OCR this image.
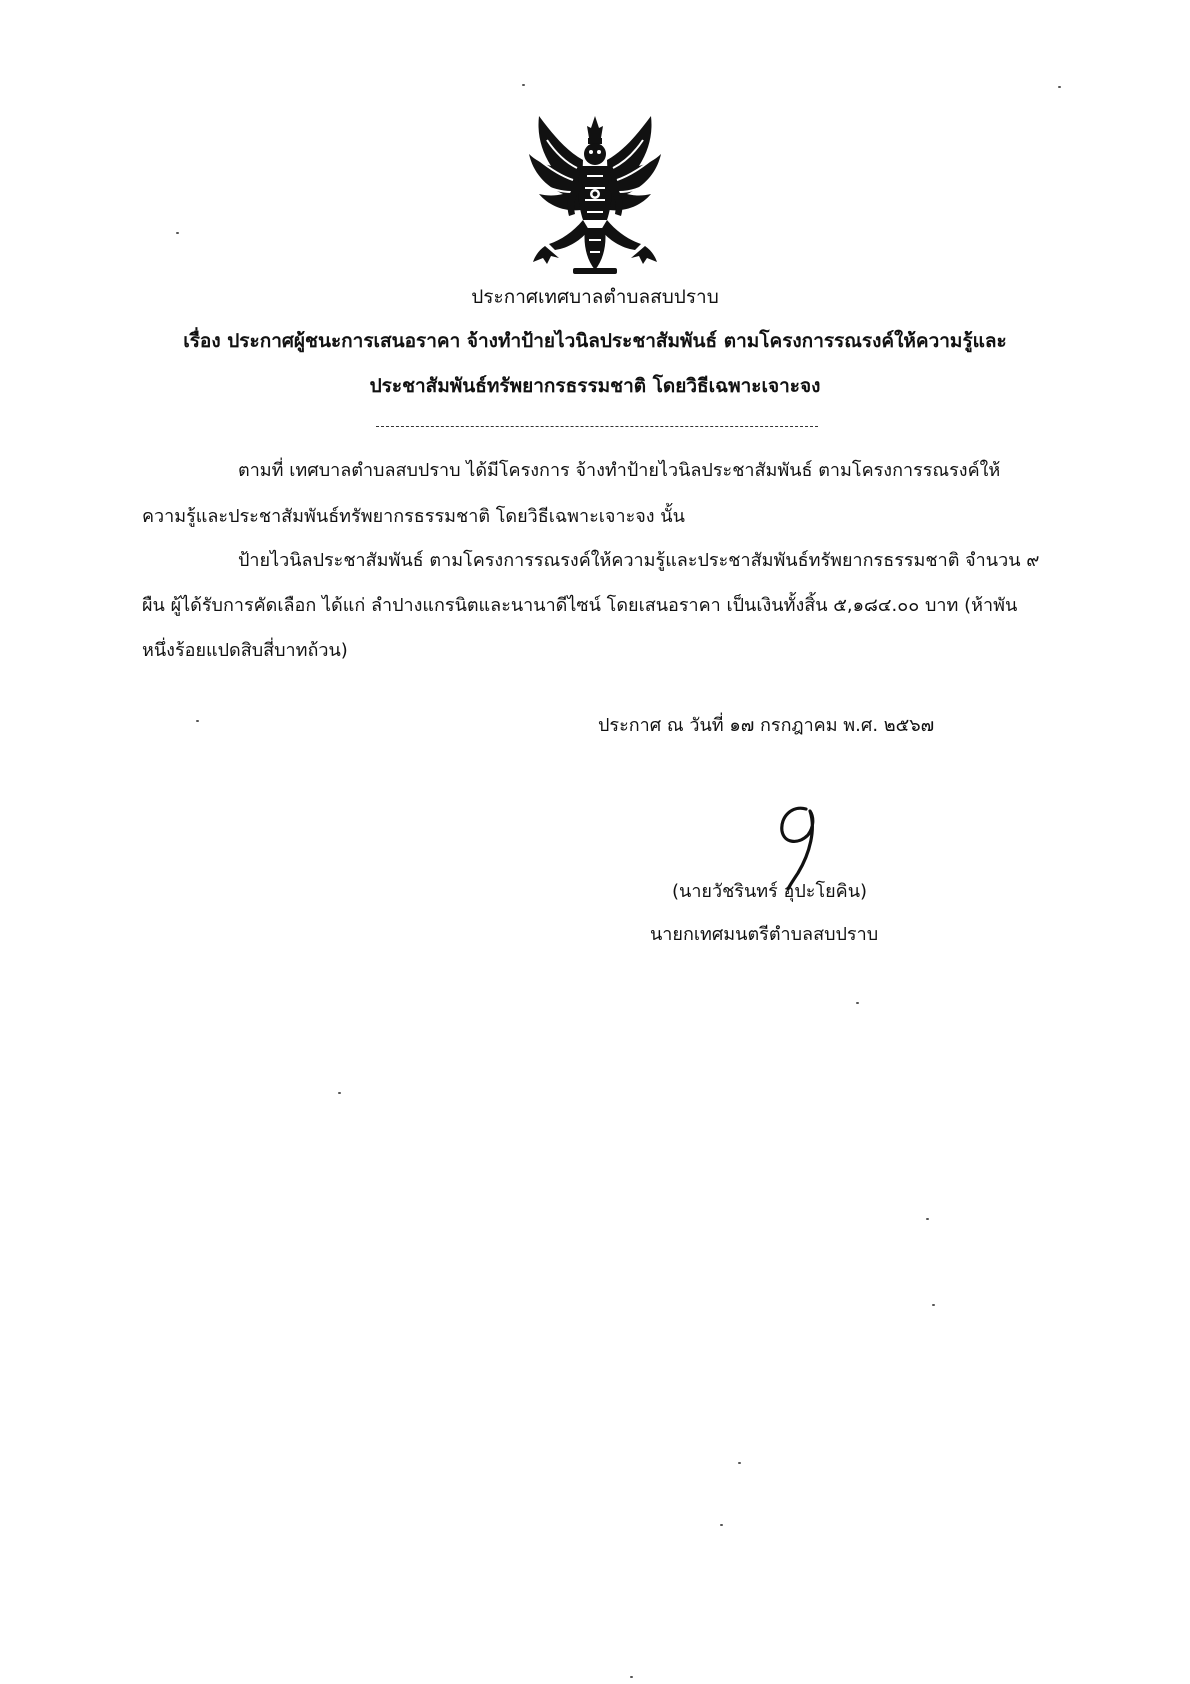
ประกาศเทศบาลตำบลสบปราบ
เรื่อง ประกาศผู้ชนะการเสนอราคา จ้างทำป้ายไวนิลประชาสัมพันธ์ ตามโครงการรณรงค์ให้ความรู้และ
ประชาสัมพันธ์ทรัพยากรธรรมชาติ โดยวิธีเฉพาะเจาะจง
ตามที่ เทศบาลตำบลสบปราบ ได้มีโครงการ จ้างทำป้ายไวนิลประชาสัมพันธ์ ตามโครงการรณรงค์ให้
ความรู้และประชาสัมพันธ์ทรัพยากรธรรมชาติ โดยวิธีเฉพาะเจาะจง นั้น
ป้ายไวนิลประชาสัมพันธ์ ตามโครงการรณรงค์ให้ความรู้และประชาสัมพันธ์ทรัพยากรธรรมชาติ จำนวน ๙
ผืน ผู้ได้รับการคัดเลือก ได้แก่ ลำปางแกรนิตและนานาดีไซน์ โดยเสนอราคา เป็นเงินทั้งสิ้น ๕,๑๘๔.๐๐ บาท (ห้าพัน
หนึ่งร้อยแปดสิบสี่บาทถ้วน)
ประกาศ ณ วันที่ ๑๗ กรกฎาคม พ.ศ. ๒๕๖๗
(นายวัชรินทร์ อุปะโยคิน)
นายกเทศมนตรีตำบลสบปราบ
